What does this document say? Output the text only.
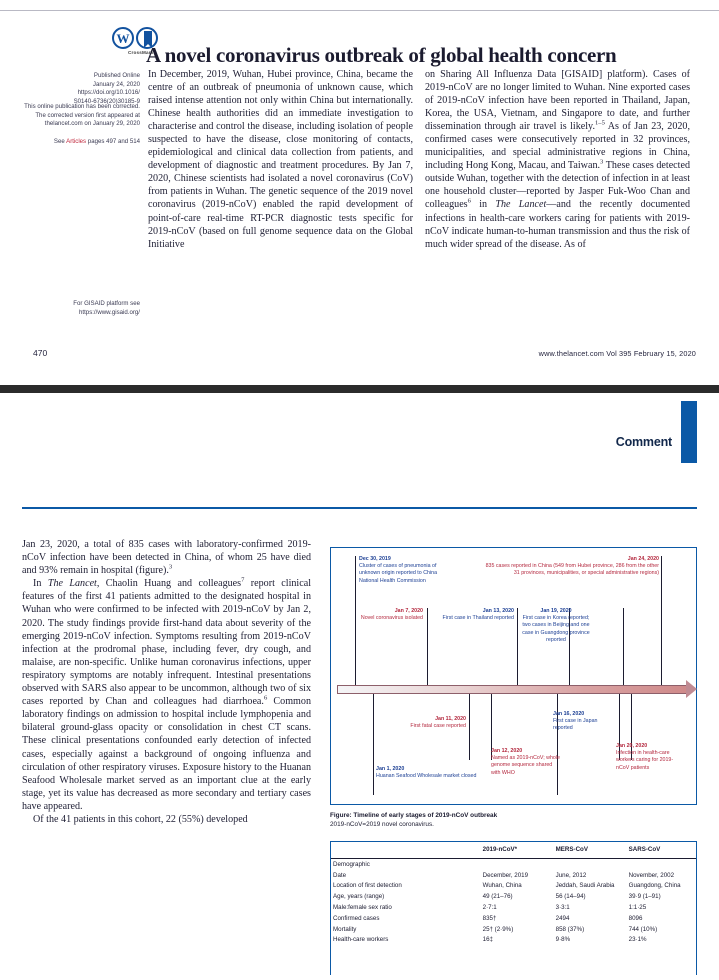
W
CrossMark
A novel coronavirus outbreak of global health concern
Published Online
January 24, 2020
https://doi.org/10.1016/
S0140-6736(20)30185-9
This online publication has been corrected. The corrected version first appeared at thelancet.com on January 29, 2020
See Articles pages 497 and 514
For GISAID platform see
https://www.gisaid.org/
In December, 2019, Wuhan, Hubei province, China, became the centre of an outbreak of pneumonia of unknown cause, which raised intense attention not only within China but internationally. Chinese health authorities did an immediate investigation to characterise and control the disease, including isolation of people suspected to have the disease, close monitoring of contacts, epidemiological and clinical data collection from patients, and development of diagnostic and treatment procedures. By Jan 7, 2020, Chinese scientists had isolated a novel coronavirus (CoV) from patients in Wuhan. The genetic sequence of the 2019 novel coronavirus (2019-nCoV) enabled the rapid development of point-of-care real-time RT-PCR diagnostic tests specific for 2019-nCoV (based on full genome sequence data on the Global Initiative
on Sharing All Influenza Data [GISAID] platform). Cases of 2019-nCoV are no longer limited to Wuhan. Nine exported cases of 2019-nCoV infection have been reported in Thailand, Japan, Korea, the USA, Vietnam, and Singapore to date, and further dissemination through air travel is likely.$^{1-5}$ As of Jan 23, 2020, confirmed cases were consecutively reported in 32 provinces, municipalities, and special administrative regions in China, including Hong Kong, Macau, and Taiwan.$^3$ These cases detected outside Wuhan, together with the detection of infection in at least one household cluster—reported by Jasper Fuk-Woo Chan and colleagues$^6$ in The Lancet—and the recently documented infections in health-care workers caring for patients with 2019-nCoV indicate human-to-human transmission and thus the risk of much wider spread of the disease. As of
470	www.thelancet.com Vol 395 February 15, 2020
Comment

Jan 23, 2020, a total of 835 cases with laboratory-confirmed 2019-nCoV infection have been detected in China, of whom 25 have died and 93% remain in hospital (figure).$^3$

In The Lancet, Chaolin Huang and colleagues$^7$ report clinical features of the first 41 patients admitted to the designated hospital in Wuhan who were confirmed to be infected with 2019-nCoV by Jan 2, 2020. The study findings provide first-hand data about severity of the emerging 2019-nCoV infection. Symptoms resulting from 2019-nCoV infection at the prodromal phase, including fever, dry cough, and malaise, are non-specific. Unlike human coronavirus infections, upper respiratory symptoms are notably infrequent. Intestinal presentations observed with SARS also appear to be uncommon, although two of six cases reported by Chan and colleagues had diarrhoea.$^6$ Common laboratory findings on admission to hospital include lymphopenia and bilateral ground-glass opacity or consolidation in chest CT scans. These clinical presentations confounded early detection of infected cases, especially against a background of ongoing influenza and circulation of other respiratory viruses. Exposure history to the Huanan Seafood Wholesale market served as an important clue at the early stage, yet its value has decreased as more secondary and tertiary cases have appeared.

Of the 41 patients in this cohort, 22 (55%) developed

Dec 30, 2019
Cluster of cases of pneumonia of unknown origin reported to China National Health Commission
Jan 7, 2020
Novel coronavirus isolated
Jan 13, 2020
First case in Thailand reported
Jan 19, 2020
First case in Korea reported; two cases in Beijing and one case in Guangdong province reported
Jan 24, 2020
835 cases reported in China (549 from Hubei province, 286 from the other 31 provinces, municipalities, or special administrative regions)
Jan 1, 2020
Huanan Seafood Wholesale market closed
Jan 11, 2020
First fatal case reported
Jan 12, 2020
Named as 2019-nCoV; whole genome sequence shared with WHO
Jan 16, 2020
First case in Japan reported
Jan 20, 2020
Infection in health-care workers caring for 2019-nCoV patients
Figure: Timeline of early stages of 2019-nCoV outbreak
2019-nCoV=2019 novel coronavirus.
	2019-nCoV*	MERS-CoV	SARS-CoV
Demographic			
Date	December, 2019	June, 2012	November, 2002
Location of first detection	Wuhan, China	Jeddah, Saudi Arabia	Guangdong, China
Age, years (range)	49 (21–76)	56 (14–94)	39·9 (1–91)
Male:female sex ratio	2·7:1	3·3:1	1:1·25
Confirmed cases	835†	2494	8096
Mortality	25† (2·9%)	858 (37%)	744 (10%)
Health-care workers	16‡	9·8%	23·1%
